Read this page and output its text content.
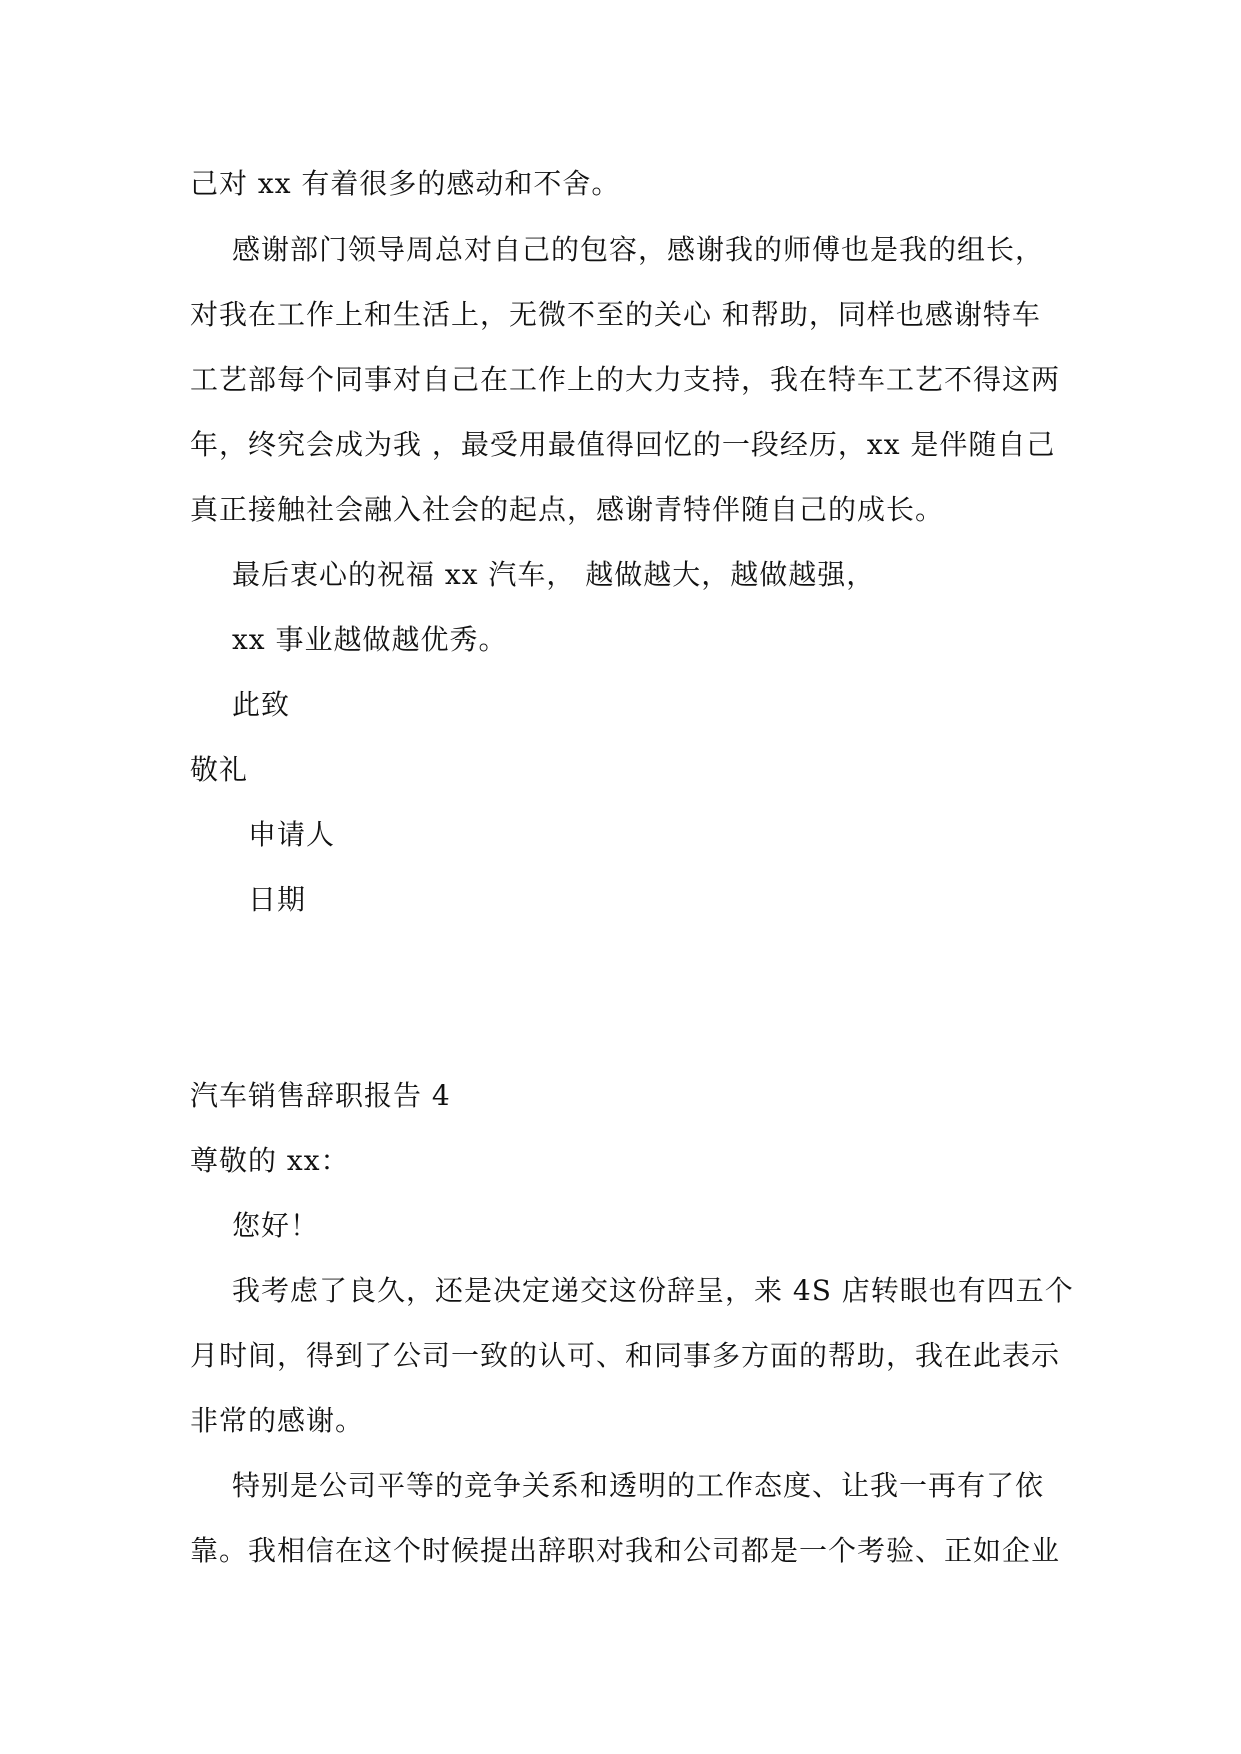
己对 xx 有着很多的感动和不舍。

感谢部门领导周总对自己的包容，感谢我的师傅也是我的组长，

对我在工作上和生活上，无微不至的关心 和帮助，同样也感谢特车

工艺部每个同事对自己在工作上的大力支持，我在特车工艺不得这两

年，终究会成为我 ，最受用最值得回忆的一段经历，xx 是伴随自己

真正接触社会融入社会的起点，感谢青特伴随自己的成长。

最后衷心的祝福 xx 汽车， 越做越大，越做越强，

xx 事业越做越优秀。

此致

敬礼

申请人

日期

汽车销售辞职报告 4

尊敬的 xx：

您好！

我考虑了良久，还是决定递交这份辞呈，来 4S 店转眼也有四五个

月时间，得到了公司一致的认可、和同事多方面的帮助，我在此表示

非常的感谢。

特别是公司平等的竞争关系和透明的工作态度、让我一再有了依

靠。我相信在这个时候提出辞职对我和公司都是一个考验、正如企业
